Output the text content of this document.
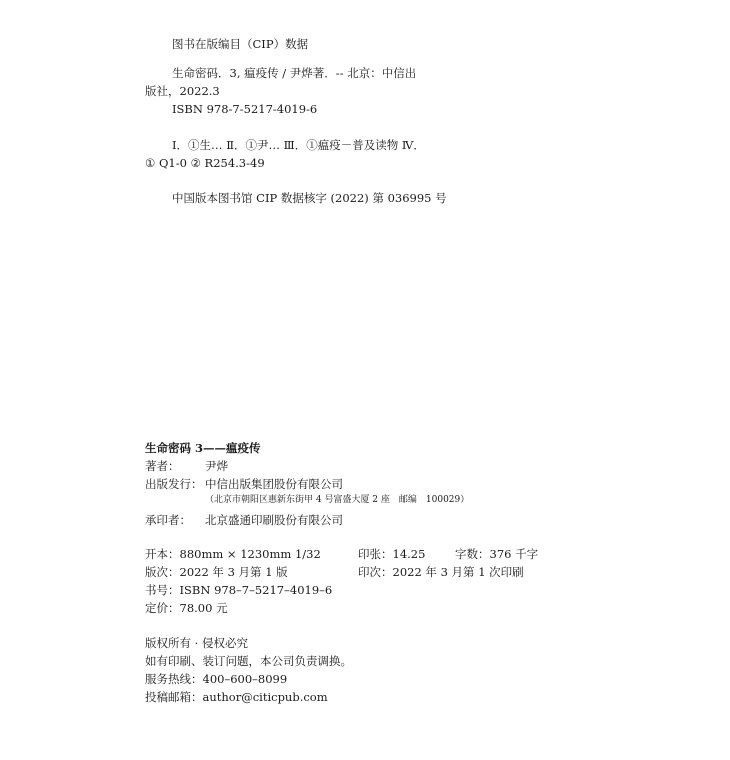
图书在版编目（CIP）数据
生命密码．3, 瘟疫传 / 尹烨著．-- 北京：中信出
版社，2022.3
ISBN 978-7-5217-4019-6
Ⅰ．①生… Ⅱ．①尹… Ⅲ．①瘟疫－普及读物 Ⅳ．
① Q1-0 ② R254.3-49
中国版本图书馆 CIP 数据核字 (2022) 第 036995 号
生命密码 3——瘟疫传
著者： 尹烨
出版发行： 中信出版集团股份有限公司
（北京市朝阳区惠新东街甲 4 号富盛大厦 2 座　邮编　100029）
承印者： 北京盛通印刷股份有限公司
开本：880mm × 1230mm 1/32	印张：14.25	字数：376 千字
版次：2022 年 3 月第 1 版	印次：2022 年 3 月第 1 次印刷
书号：ISBN 978–7–5217–4019–6
定价：78.00 元
版权所有 · 侵权必究
如有印刷、装订问题，本公司负责调换。
服务热线：400–600–8099
投稿邮箱：author@citicpub.com
